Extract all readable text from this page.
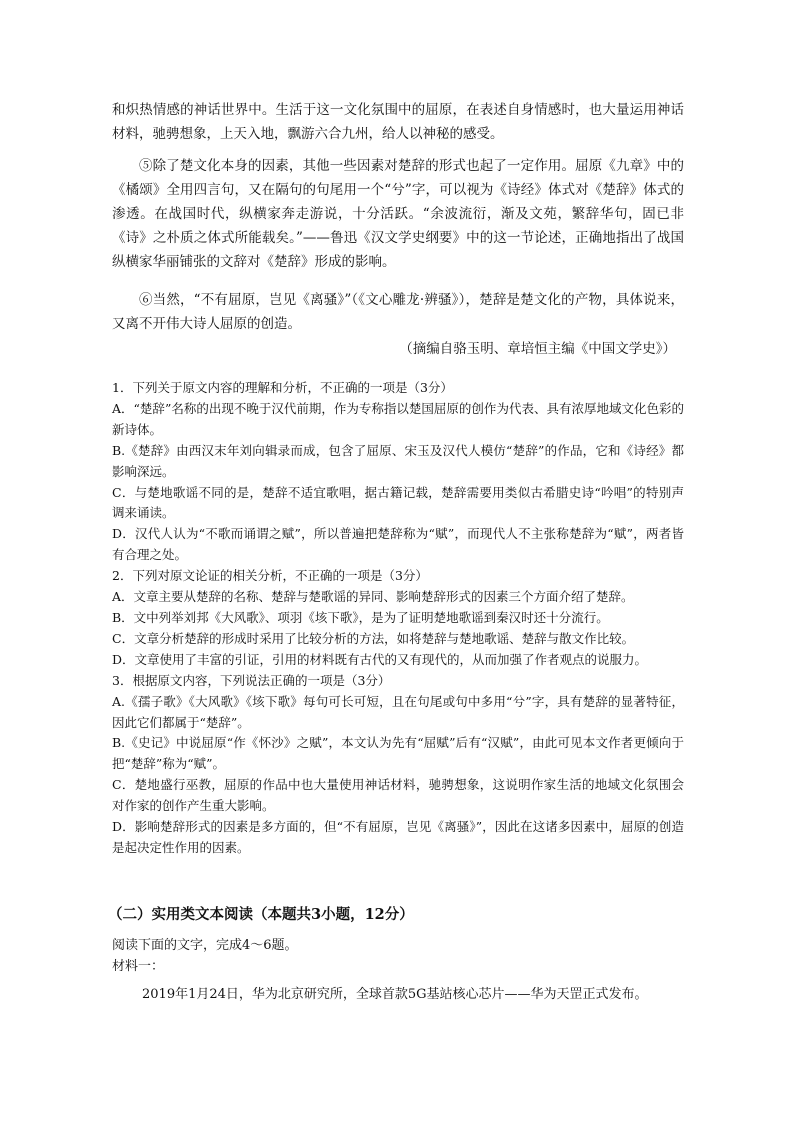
和炽热情感的神话世界中。生活于这一文化氛围中的屈原，在表述自身情感时，也大量运用神话材料，驰骋想象，上天入地，飘游六合九州，给人以神秘的感受。
⑤除了楚文化本身的因素，其他一些因素对楚辞的形式也起了一定作用。屈原《九章》中的《橘颂》全用四言句，又在隔句的句尾用一个“兮”字，可以视为《诗经》体式对《楚辞》体式的渗透。在战国时代，纵横家奔走游说，十分活跃。“余波流衍，渐及文苑，繁辞华句，固已非《诗》之朴质之体式所能载矣。”——鲁迅《汉文学史纲要》中的这一节论述，正确地指出了战国纵横家华丽铺张的文辞对《楚辞》形成的影响。
⑥当然，“不有屈原，岂见《离骚》”（《文心雕龙·辨骚》），楚辞是楚文化的产物，具体说来，又离不开伟大诗人屈原的创造。
（摘编自骆玉明、章培恒主编《中国文学史》）
1．下列关于原文内容的理解和分析，不正确的一项是（3分）
A．“楚辞”名称的出现不晚于汉代前期，作为专称指以楚国屈原的创作为代表、具有浓厚地域文化色彩的新诗体。
B.《楚辞》由西汉末年刘向辑录而成，包含了屈原、宋玉及汉代人模仿“楚辞”的作品，它和《诗经》都影响深远。
C．与楚地歌谣不同的是，楚辞不适宜歌唱，据古籍记载，楚辞需要用类似古希腊史诗“吟唱”的特别声调来诵读。
D．汉代人认为“不歌而诵谓之赋”，所以普遍把楚辞称为“赋”，而现代人不主张称楚辞为“赋”，两者皆有合理之处。
2．下列对原文论证的相关分析，不正确的一项是（3分）
A．文章主要从楚辞的名称、楚辞与楚歌谣的异同、影响楚辞形式的因素三个方面介绍了楚辞。
B．文中列举刘邦《大风歌》、项羽《垓下歌》，是为了证明楚地歌谣到秦汉时还十分流行。
C．文章分析楚辞的形成时采用了比较分析的方法，如将楚辞与楚地歌谣、楚辞与散文作比较。
D．文章使用了丰富的引证，引用的材料既有古代的又有现代的，从而加强了作者观点的说服力。
3．根据原文内容，下列说法正确的一项是（3分）
A.《孺子歌》《大风歌》《垓下歌》每句可长可短，且在句尾或句中多用“兮”字，具有楚辞的显著特征，因此它们都属于“楚辞”。
B.《史记》中说屈原“作《怀沙》之赋”，本文认为先有“屈赋”后有“汉赋”，由此可见本文作者更倾向于把“楚辞”称为“赋”。
C．楚地盛行巫教，屈原的作品中也大量使用神话材料，驰骋想象，这说明作家生活的地域文化氛围会对作家的创作产生重大影响。
D．影响楚辞形式的因素是多方面的，但“不有屈原，岂见《离骚》”，因此在这诸多因素中，屈原的创造是起决定性作用的因素。
（二）实用类文本阅读（本题共3小题，12分）
阅读下面的文字，完成4～6题。
材料一：
2019年1月24日，华为北京研究所，全球首款5G基站核心芯片——华为天罡正式发布。
